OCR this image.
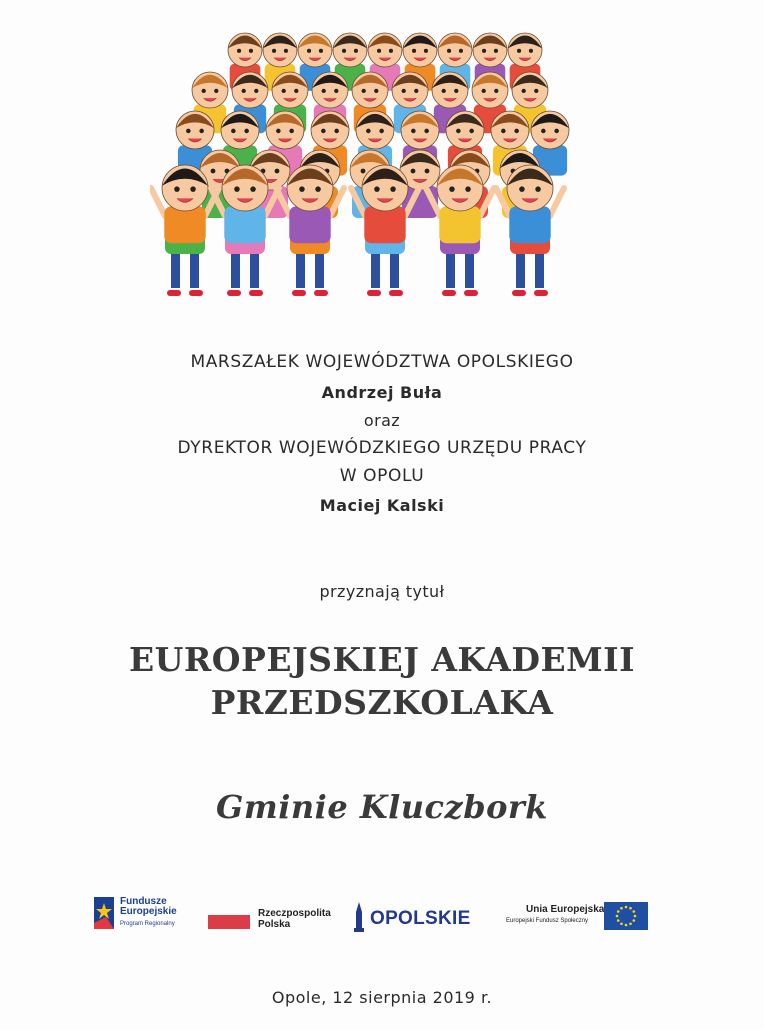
MARSZAŁEK WOJEWÓDZTWA OPOLSKIEGO
Andrzej Buła
oraz
DYREKTOR WOJEWÓDZKIEGO URZĘDU PRACY
W OPOLU
Maciej Kalski
przyznają tytuł
EUROPEJSKIEJ AKADEMII
PRZEDSZKOLAKA
Gminie Kluczbork
Fundusze
Europejskie
Program Regionalny
Rzeczpospolita
Polska	OPOLSKIE	Unia Europejska
Europejski Fundusz Społeczny
Opole, 12 sierpnia 2019 r.
